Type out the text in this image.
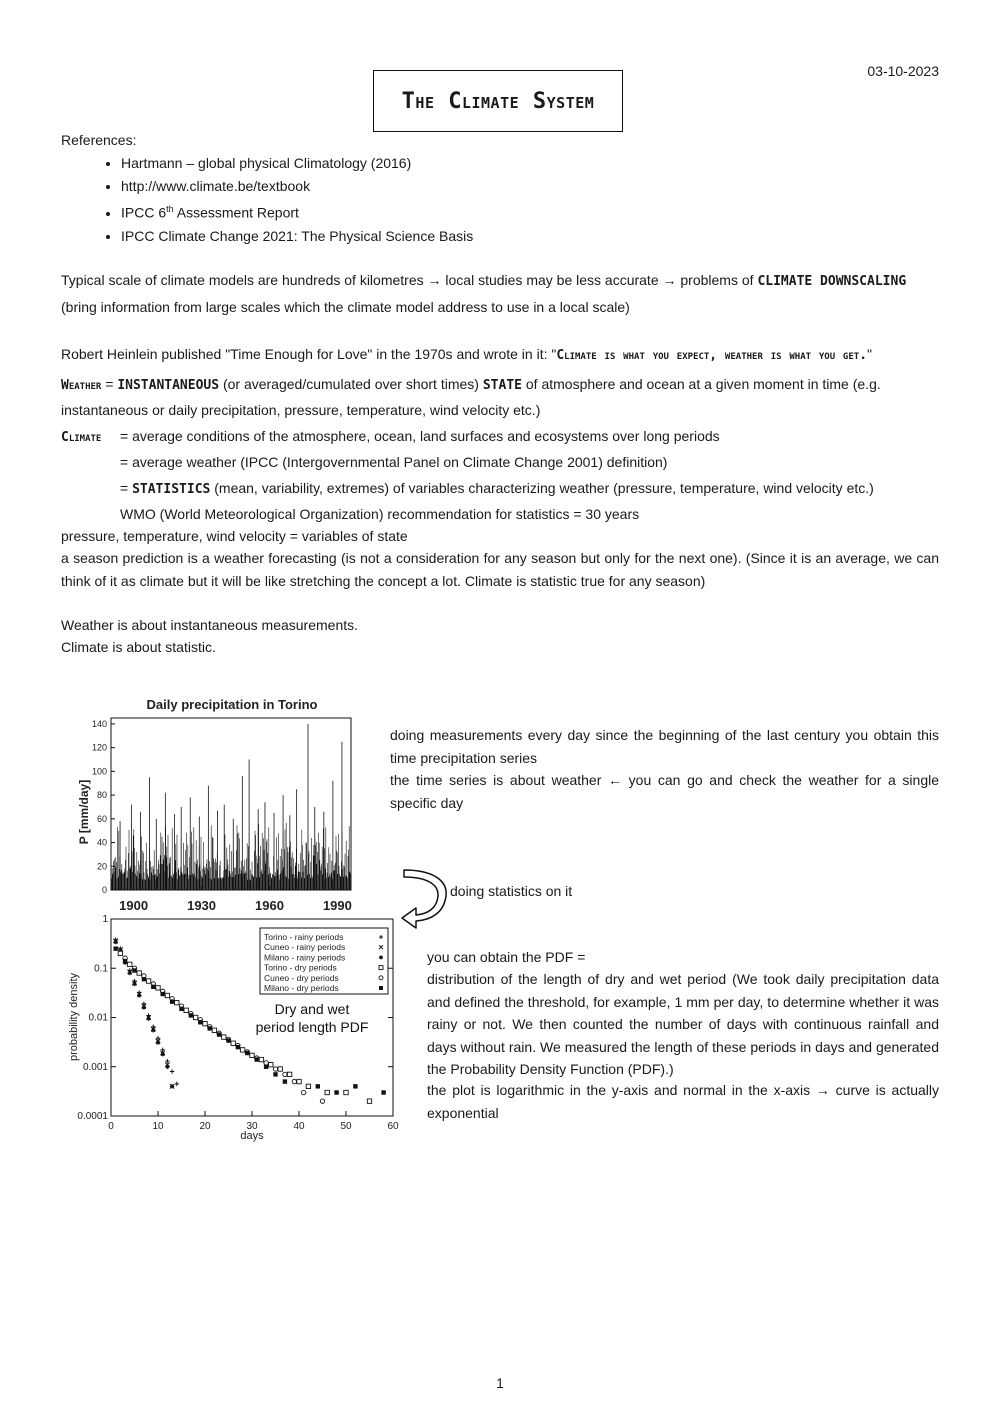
03-10-2023
The Climate System
References:
• Hartmann – global physical Climatology (2016)
• http://www.climate.be/textbook
• IPCC 6th Assessment Report
• IPCC Climate Change 2021: The Physical Science Basis
Typical scale of climate models are hundreds of kilometres → local studies may be less accurate → problems of CLIMATE DOWNSCALING
(bring information from large scales which the climate model address to use in a local scale)
Robert Heinlein published "Time Enough for Love" in the 1970s and wrote in it: "Climate is what you expect, weather is what you get."
Weather = INSTANTANEOUS (or averaged/cumulated over short times) STATE of atmosphere and ocean at a given moment in time (e.g.
instantaneous or daily precipitation, pressure, temperature, wind velocity etc.)
Climate = average conditions of the atmosphere, ocean, land surfaces and ecosystems over long periods
= average weather (IPCC (Intergovernmental Panel on Climate Change 2001) definition)
= STATISTICS (mean, variability, extremes) of variables characterizing weather (pressure, temperature, wind velocity etc.)
WMO (World Meteorological Organization) recommendation for statistics = 30 years
pressure, temperature, wind velocity = variables of state
a season prediction is a weather forecasting (is not a consideration for any season but only for the next one). (Since it is an average, we can think of it as climate but it will be like stretching the concept a lot. Climate is statistic true for any season)
Weather is about instantaneous measurements.
Climate is about statistic.
Daily precipitation in Torino
P [mm/day]
0
20
40
60
80
100
120
140
1900	1930	1960	1990
probability density
0.0001
0.001
0.01
0.1
1
0	10	20	30	40	50	60
Torino - rainy periods
Cuneo - rainy periods
Milano - rainy periods
Torino - dry periods
Cuneo - dry periods
Milano - dry periods
Dry and wet
period length PDF
days
doing measurements every day since the beginning of the last century you obtain this time precipitation series
the time series is about weather ← you can go and check the weather for a single specific day
doing statistics on it
you can obtain the PDF =
distribution of the length of dry and wet period (We took daily precipitation data and defined the threshold, for example, 1 mm per day, to determine whether it was rainy or not. We then counted the number of days with continuous rainfall and days without rain. We measured the length of these periods in days and generated the Probability Density Function (PDF).)
the plot is logarithmic in the y-axis and normal in the x-axis → curve is actually exponential
1
